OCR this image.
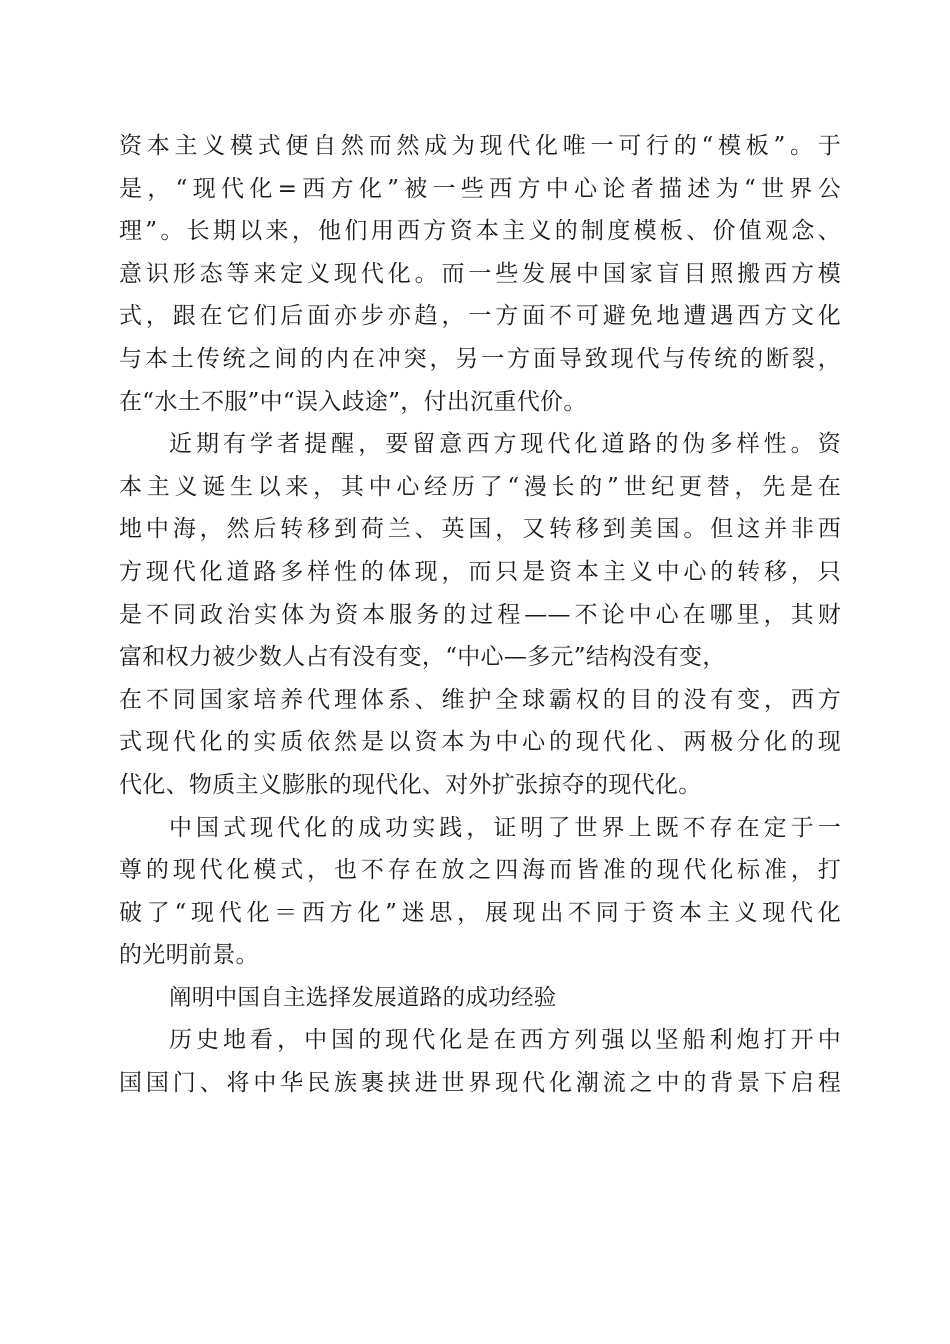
资本主义模式便自然而然成为现代化唯一可行的“模板”。于
是，“现代化=西方化”被一些西方中心论者描述为“世界公
理”。长期以来，他们用西方资本主义的制度模板、价值观念、
意识形态等来定义现代化。而一些发展中国家盲目照搬西方模
式，跟在它们后面亦步亦趋，一方面不可避免地遭遇西方文化
与本土传统之间的内在冲突，另一方面导致现代与传统的断裂，
在“水土不服”中“误入歧途”，付出沉重代价。
近期有学者提醒，要留意西方现代化道路的伪多样性。资
本主义诞生以来，其中心经历了“漫长的”世纪更替，先是在
地中海，然后转移到荷兰、英国，又转移到美国。但这并非西
方现代化道路多样性的体现，而只是资本主义中心的转移，只
是不同政治实体为资本服务的过程——不论中心在哪里，其财
富和权力被少数人占有没有变，“中心—多元”结构没有变，
在不同国家培养代理体系、维护全球霸权的目的没有变，西方
式现代化的实质依然是以资本为中心的现代化、两极分化的现
代化、物质主义膨胀的现代化、对外扩张掠夺的现代化。
中国式现代化的成功实践，证明了世界上既不存在定于一
尊的现代化模式，也不存在放之四海而皆准的现代化标准，打
破了“现代化＝西方化”迷思，展现出不同于资本主义现代化
的光明前景。
阐明中国自主选择发展道路的成功经验
历史地看，中国的现代化是在西方列强以坚船利炮打开中
国国门、将中华民族裹挟进世界现代化潮流之中的背景下启程
